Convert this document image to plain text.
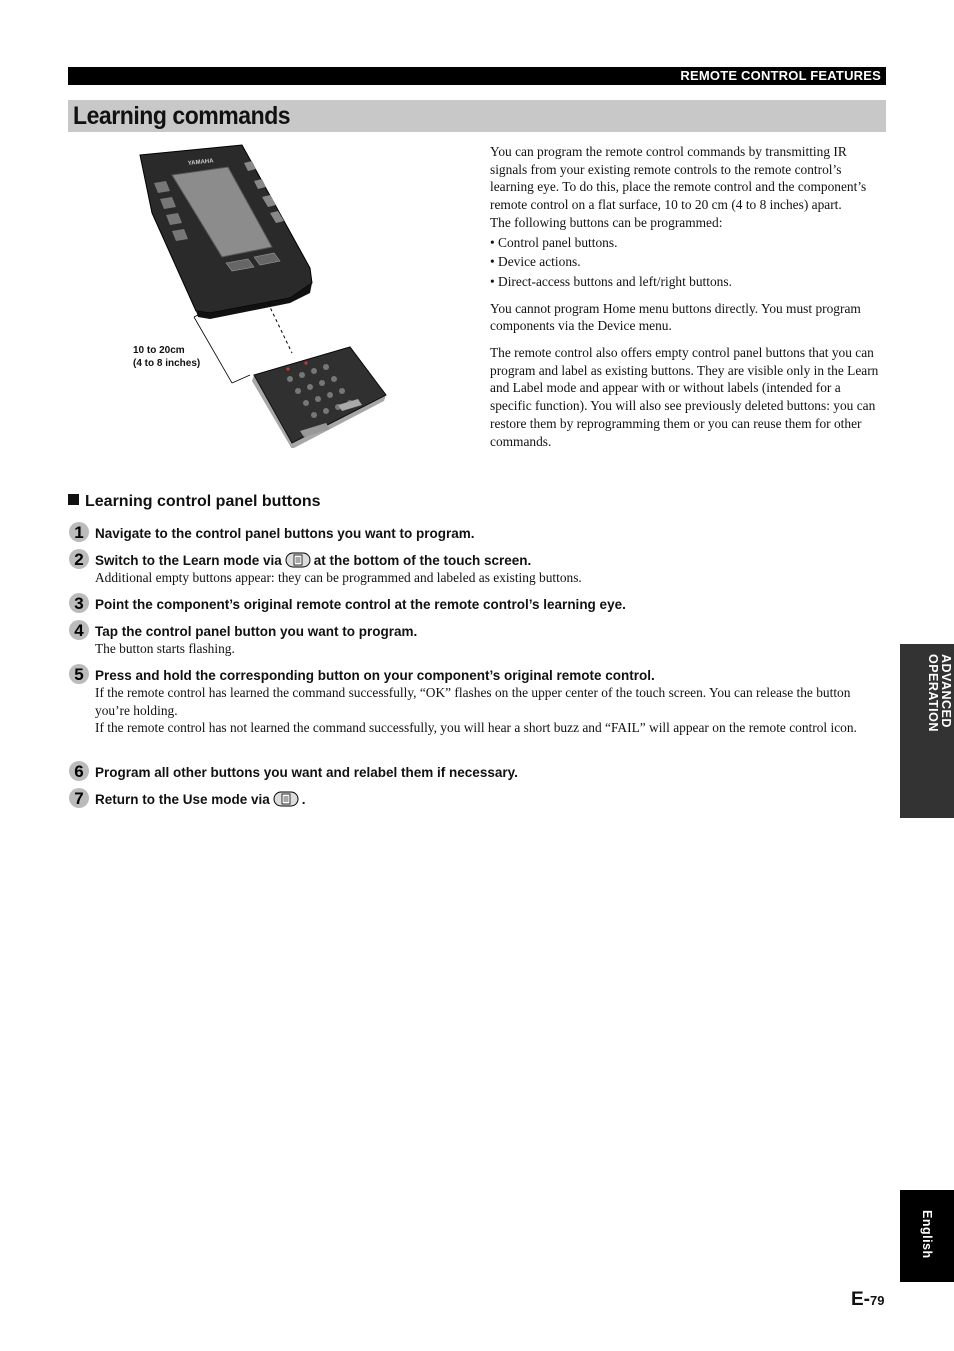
REMOTE CONTROL FEATURES
Learning commands
YAMAHA
10 to 20cm
(4 to 8 inches)

You can program the remote control commands by transmitting IR signals from your existing remote controls to the remote control’s learning eye. To do this, place the remote control and the component’s remote control on a flat surface, 10 to 20 cm (4 to 8 inches) apart.

The following buttons can be programmed:

• Control panel buttons.

• Device actions.

• Direct-access buttons and left/right buttons.

You cannot program Home menu buttons directly. You must program components via the Device menu.

The remote control also offers empty control panel buttons that you can program and label as existing buttons. They are visible only in the Learn and Label mode and appear with or without labels (intended for a specific function). You will also see previously deleted buttons: you can restore them by reprogramming them or you can reuse them for other commands.

Learning control panel buttons
1 Navigate to the control panel buttons you want to program.
2 Switch to the Learn mode via at the bottom of the touch screen.
Additional empty buttons appear: they can be programmed and labeled as existing buttons.
3 Point the component’s original remote control at the remote control’s learning eye.
4 Tap the control panel button you want to program.
The button starts flashing.
5 Press and hold the corresponding button on your component’s original remote control.
If the remote control has learned the command successfully, “OK” flashes on the upper center of the touch screen. You can release the button you’re holding.
If the remote control has not learned the command successfully, you will hear a short buzz and “FAIL” will appear on the remote control icon.
6 Program all other buttons you want and relabel them if necessary.
7 Return to the Use mode via .
ADVANCED
OPERATION
English
E-79
